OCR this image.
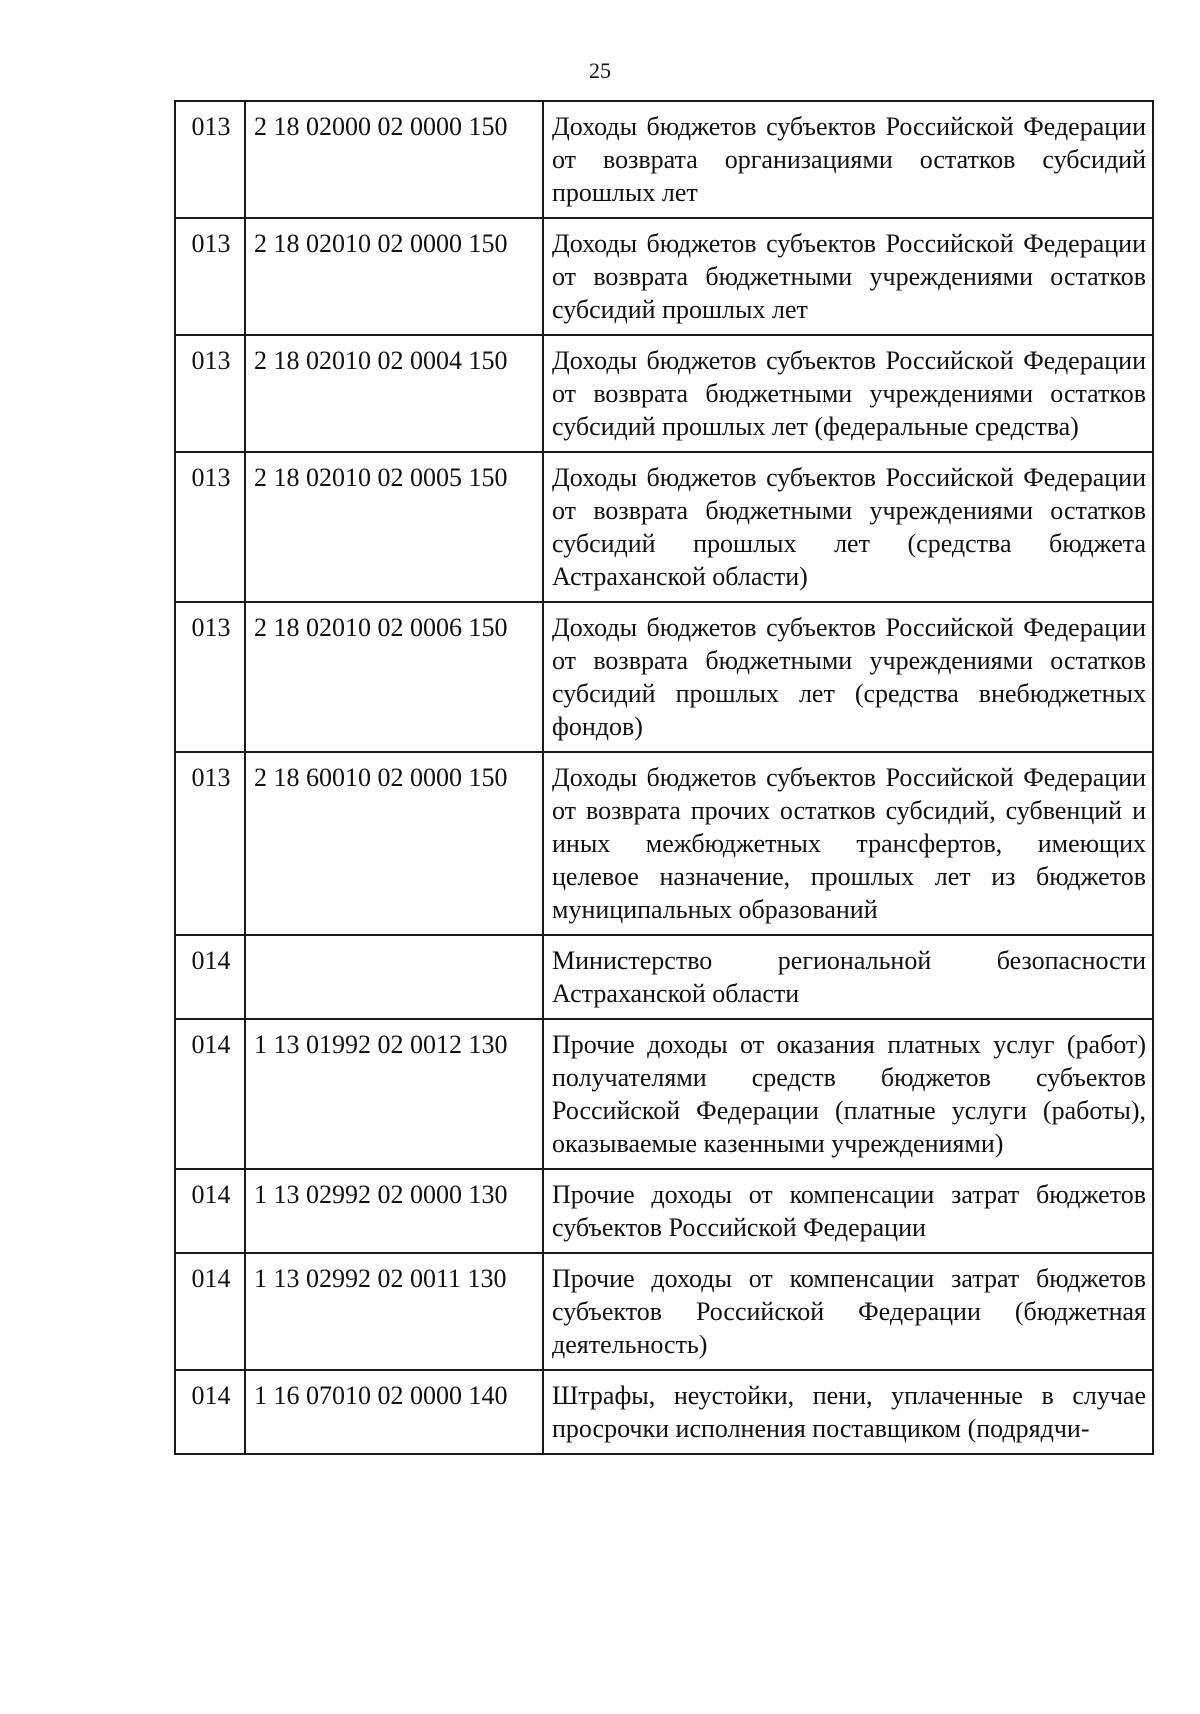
25
013	2 18 02000 02 0000 150	Доходы бюджетов субъектов Российской Федерации от возврата организациями остатков субсидий прошлых лет
013	2 18 02010 02 0000 150	Доходы бюджетов субъектов Российской Федерации от возврата бюджетными учреждениями остатков субсидий прошлых лет
013	2 18 02010 02 0004 150	Доходы бюджетов субъектов Российской Федерации от возврата бюджетными учреждениями остатков субсидий прошлых лет (федеральные средства)
013	2 18 02010 02 0005 150	Доходы бюджетов субъектов Российской Федерации от возврата бюджетными учреждениями остатков субсидий прошлых лет (средства бюджета Астраханской области)
013	2 18 02010 02 0006 150	Доходы бюджетов субъектов Российской Федерации от возврата бюджетными учреждениями остатков субсидий прошлых лет (средства внебюджетных фондов)
013	2 18 60010 02 0000 150	Доходы бюджетов субъектов Российской Федерации от возврата прочих остатков субсидий, субвенций и иных межбюджетных трансфертов, имеющих целевое назначение, прошлых лет из бюджетов муниципальных образований
014		Министерство региональной безопасности Астраханской области
014	1 13 01992 02 0012 130	Прочие доходы от оказания платных услуг (работ) получателями средств бюджетов субъектов Российской Федерации (платные услуги (работы), оказываемые казенными учреждениями)
014	1 13 02992 02 0000 130	Прочие доходы от компенсации затрат бюджетов субъектов Российской Федерации
014	1 13 02992 02 0011 130	Прочие доходы от компенсации затрат бюджетов субъектов Российской Федерации (бюджетная деятельность)
014	1 16 07010 02 0000 140	Штрафы, неустойки, пени, уплаченные в случае просрочки исполнения поставщиком (подрядчи-
